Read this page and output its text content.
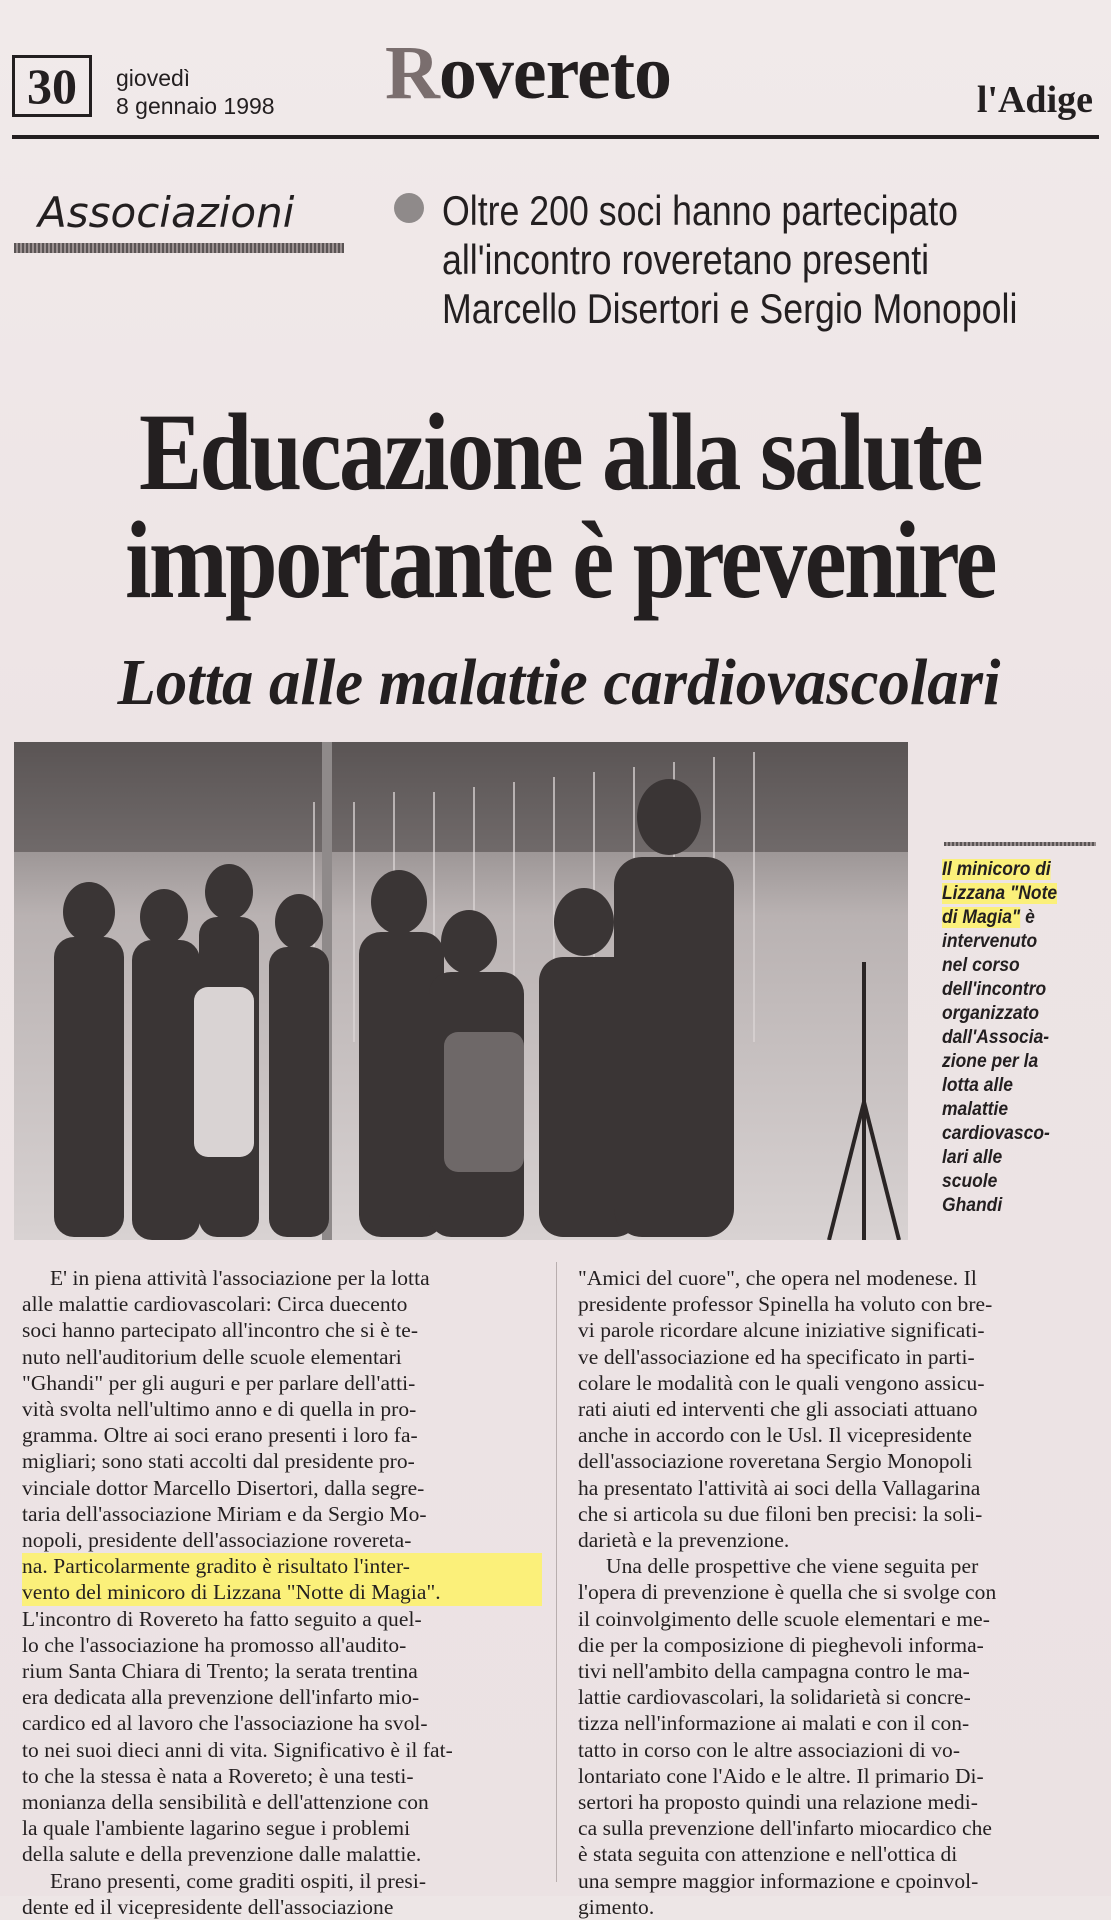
30	giovedì
8 gennaio 1998 Rovereto	l'Adige
Associazioni	Oltre 200 soci hanno partecipato
all'incontro roveretano presenti
Marcello Disertori e Sergio Monopoli
Educazione alla salute
importante è prevenire
Lotta alle malattie cardiovascolari
Il minicoro di
Lizzana "Note
di Magia" è
intervenuto
nel corso
dell'incontro
organizzato
dall'Associa-
zione per la
lotta alle
malattie
cardiovasco-
lari alle
scuole
Ghandi
E' in piena attività l'associazione per la lotta
alle malattie cardiovascolari: Circa duecento
soci hanno partecipato all'incontro che si è te-
nuto nell'auditorium delle scuole elementari
"Ghandi" per gli auguri e per parlare dell'atti-
vità svolta nell'ultimo anno e di quella in pro-
gramma. Oltre ai soci erano presenti i loro fa-
migliari; sono stati accolti dal presidente pro-
vinciale dottor Marcello Disertori, dalla segre-
taria dell'associazione Miriam e da Sergio Mo-
nopoli, presidente dell'associazione rovereta-
na. Particolarmente gradito è risultato l'inter-
vento del minicoro di Lizzana "Notte di Magia".
L'incontro di Rovereto ha fatto seguito a quel-
lo che l'associazione ha promosso all'audito-
rium Santa Chiara di Trento; la serata trentina
era dedicata alla prevenzione dell'infarto mio-
cardico ed al lavoro che l'associazione ha svol-
to nei suoi dieci anni di vita. Significativo è il fat-
to che la stessa è nata a Rovereto; è una testi-
monianza della sensibilità e dell'attenzione con
la quale l'ambiente lagarino segue i problemi
della salute e della prevenzione dalle malattie.
Erano presenti, come graditi ospiti, il presi-
dente ed il vicepresidente dell'associazione
"Amici del cuore", che opera nel modenese. Il
presidente professor Spinella ha voluto con bre-
vi parole ricordare alcune iniziative significati-
ve dell'associazione ed ha specificato in parti-
colare le modalità con le quali vengono assicu-
rati aiuti ed interventi che gli associati attuano
anche in accordo con le Usl. Il vicepresidente
dell'associazione roveretana Sergio Monopoli
ha presentato l'attività ai soci della Vallagarina
che si articola su due filoni ben precisi: la soli-
darietà e la prevenzione.
Una delle prospettive che viene seguita per
l'opera di prevenzione è quella che si svolge con
il coinvolgimento delle scuole elementari e me-
die per la composizione di pieghevoli informa-
tivi nell'ambito della campagna contro le ma-
lattie cardiovascolari, la solidarietà si concre-
tizza nell'informazione ai malati e con il con-
tatto in corso con le altre associazioni di vo-
lontariato cone l'Aido e le altre. Il primario Di-
sertori ha proposto quindi una relazione medi-
ca sulla prevenzione dell'infarto miocardico che
è stata seguita con attenzione e nell'ottica di
una sempre maggior informazione e cpoinvol-
gimento.
